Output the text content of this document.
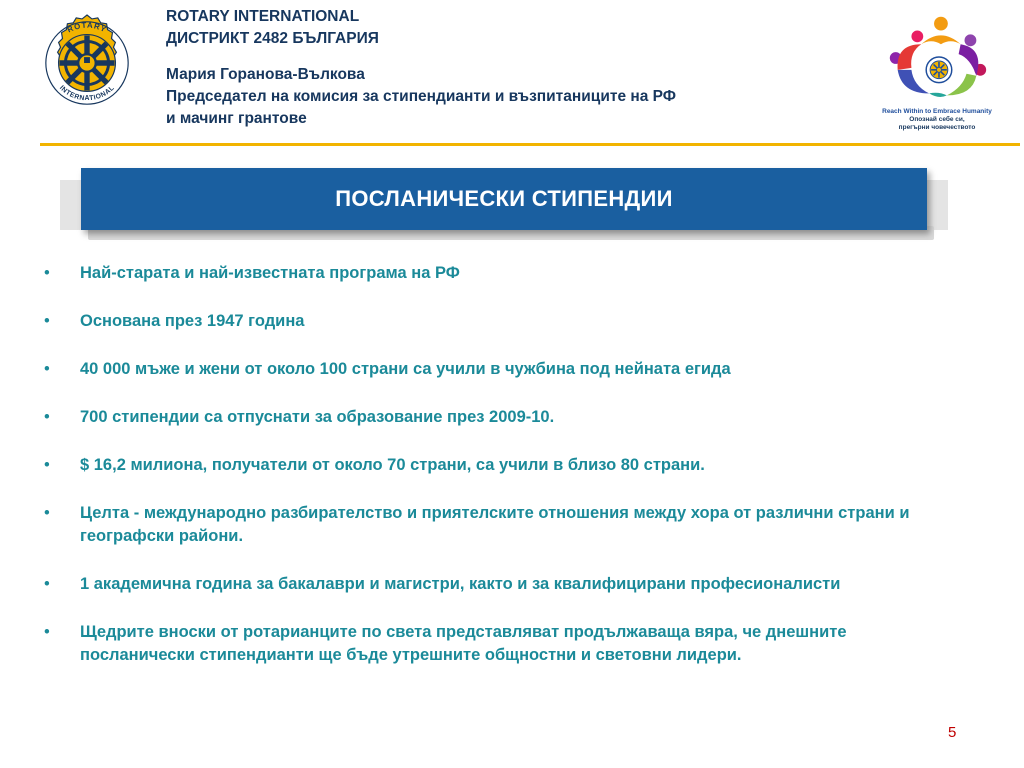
ROTARY
INTERNATIONAL
ROTARY INTERNATIONAL
ДИСТРИКТ 2482 БЪЛГАРИЯ
Мария Горанова-Вълкова
Председател на комисия за стипендианти и възпитаниците на РФ
и мачинг грантове	Reach Within to Embrace Humanity
Опознай себе си,
прегърни човечеството
ПОСЛАНИЧЕСКИ СТИПЕНДИИ
• Най-старата и най-известната програма на РФ
• Основана през 1947 година
• 40 000 мъже и жени от около 100 страни са учили в чужбина под нейната егида
• 700 стипендии са отпуснати за образование през 2009-10.
• $ 16,2 милиона, получатели от около 70 страни, са учили в близо 80 страни.
• Целта - международно разбирателство и приятелските отношения между хора от различни страни и географски райони.
• 1 академична година за бакалаври и магистри, както и за квалифицирани професионалисти
• Щедрите вноски от ротарианците по света представляват продължаваща вяра, че днешните посланически стипендианти ще бъде утрешните общностни и световни лидери.
5
